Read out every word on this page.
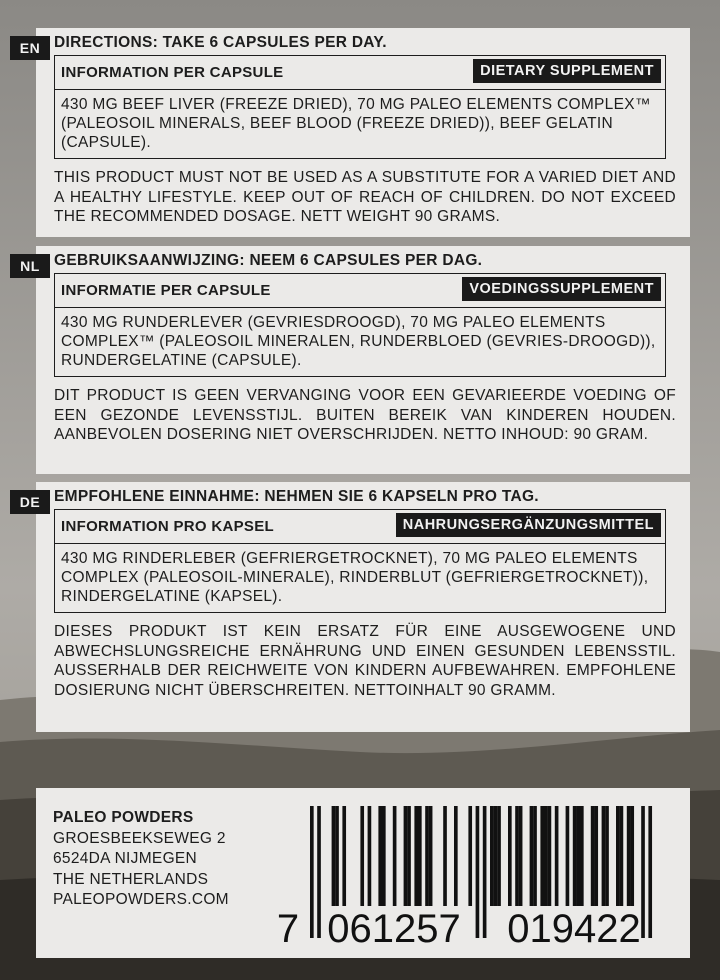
EN DIRECTIONS: TAKE 6 CAPSULES PER DAY.
INFORMATION PER CAPSULE	DIETARY SUPPLEMENT
430 MG BEEF LIVER (FREEZE DRIED), 70 MG PALEO ELEMENTS COMPLEX™ (PALEOSOIL MINERALS, BEEF BLOOD (FREEZE DRIED)), BEEF GELATIN (CAPSULE).
THIS PRODUCT MUST NOT BE USED AS A SUBSTITUTE FOR A VARIED DIET AND A HEALTHY LIFESTYLE. KEEP OUT OF REACH OF CHILDREN. DO NOT EXCEED THE RECOMMENDED DOSAGE. NETT WEIGHT 90 GRAMS.
NL GEBRUIKSAANWIJZING: NEEM 6 CAPSULES PER DAG.
INFORMATIE PER CAPSULE	VOEDINGSSUPPLEMENT
430 MG RUNDERLEVER (GEVRIESDROOGD), 70 MG PALEO ELEMENTS COMPLEX™ (PALEOSOIL MINERALEN, RUNDERBLOED (GEVRIES-DROOGD)), RUNDERGELATINE (CAPSULE).
DIT PRODUCT IS GEEN VERVANGING VOOR EEN GEVARIEERDE VOEDING OF EEN GEZONDE LEVENSSTIJL. BUITEN BEREIK VAN KINDEREN HOUDEN. AANBEVOLEN DOSERING NIET OVERSCHRIJDEN. NETTO INHOUD: 90 GRAM.
DE EMPFOHLENE EINNAHME: NEHMEN SIE 6 KAPSELN PRO TAG.
INFORMATION PRO KAPSEL	NAHRUNGSERGÄNZUNGSMITTEL
430 MG RINDERLEBER (GEFRIERGETROCKNET), 70 MG PALEO ELEMENTS COMPLEX (PALEOSOIL-MINERALE), RINDERBLUT (GEFRIERGETROCKNET)), RINDERGELATINE (KAPSEL).
DIESES PRODUKT IST KEIN ERSATZ FÜR EINE AUSGEWOGENE UND ABWECHSLUNGSREICHE ERNÄHRUNG UND EINEN GESUNDEN LEBENSSTIL. AUSSERHALB DER REICHWEITE VON KINDERN AUFBEWAHREN. EMPFOHLENE DOSIERUNG NICHT ÜBERSCHREITEN. NETTOINHALT 90 GRAMM.
PALEO POWDERS
GROESBEEKSEWEG 2
6524DA NIJMEGEN
THE NETHERLANDS
PALEOPOWDERS.COM
7 061257 019422
